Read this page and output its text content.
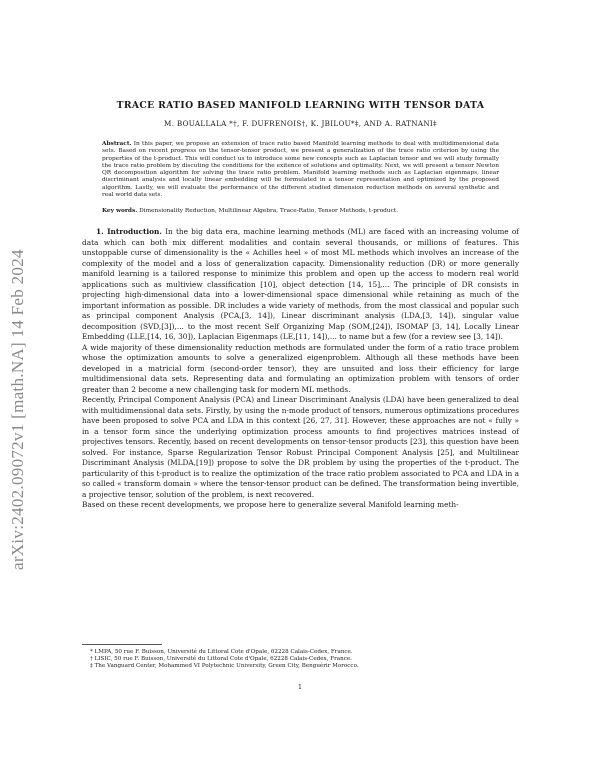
arXiv:2402.09072v1 [math.NA] 14 Feb 2024
TRACE RATIO BASED MANIFOLD LEARNING WITH TENSOR DATA
M. BOUALLALA *†, F. DUFRENOIS†, K. JBILOU*‡, AND A. RATNANI‡
Abstract. In this paper, we propose an extension of trace ratio based Manifold learning methods to deal with multidimensional data sets. Based on recent progress on the tensor-tensor product, we present a generalization of the trace ratio criterion by using the properties of the t-product. This will conduct us to introduce some new concepts such as Laplacian tensor and we will study formally the trace ratio problem by discuting the conditions for the exitence of solutions and optimality. Next, we will present a tensor Newton QR decomposition algorithm for solving the trace ratio problem. Manifold learning methods such as Laplacian eigenmaps, linear discriminant analysis and locally linear embedding will be formulated in a tensor representation and optimized by the proposed algorithm. Lastly, we will evaluate the performance of the different studied dimension reduction methods on several synthetic and real world data sets.
Key words. Dimensionality Reduction, Multilinear Algebra, Trace-Ratio, Tensor Methods, t-product.

1. Introduction. In the big data era, machine learning methods (ML) are faced with an increasing volume of data which can both mix different modalities and contain several thousands, or millions of features. This unstoppable curse of dimensionality is the « Achilles heel » of most ML methods which involves an increase of the complexity of the model and a loss of generalization capacity. Dimensionality reduction (DR) or more generally manifold learning is a tailored response to minimize this problem and open up the access to modern real world applications such as multiview classification [10], object detection [14, 15],... The principle of DR consists in projecting high-dimensional data into a lower-dimensional space dimensional while retaining as much of the important information as possible. DR includes a wide variety of methods, from the most classical and popular such as principal component Analysis (PCA,[3, 14]), Linear discriminant analysis (LDA,[3, 14]), singular value decomposition (SVD,[3]),... to the most recent Self Organizing Map (SOM,[24]), ISOMAP [3, 14], Locally Linear Embedding (LLE,[14, 16, 30]), Laplacian Eigenmaps (LE,[11, 14]),... to name but a few (for a review see [3, 14]).

A wide majority of these dimensionality reduction methods are formulated under the form of a ratio trace problem whose the optimization amounts to solve a generalized eigenproblem. Although all these methods have been developed in a matricial form (second-order tensor), they are unsuited and loss their efficiency for large multidimensional data sets. Representing data and formulating an optimization problem with tensors of order greater than 2 become a new challenging task for modern ML methods.

Recently, Principal Component Analysis (PCA) and Linear Discriminant Analysis (LDA) have been generalized to deal with multidimensional data sets. Firstly, by using the n-mode product of tensors, numerous optimizations procedures have been proposed to solve PCA and LDA in this context [26, 27, 31]. However, these approaches are not « fully » in a tensor form since the underlying optimization process amounts to find projectives matrices instead of projectives tensors. Recently, based on recent developments on tensor-tensor products [23], this question have been solved. For instance, Sparse Regularization Tensor Robust Principal Component Analysis [25], and Multilinear Discriminant Analysis (MLDA,[19]) propose to solve the DR problem by using the properties of the t-product. The particularity of this t-product is to realize the optimization of the trace ratio problem associated to PCA and LDA in a so called « transform domain » where the tensor-tensor product can be defined. The transformation being invertible, a projective tensor, solution of the problem, is next recovered.

Based on these recent developments, we propose here to generalize several Manifold learning meth-

* LMPA, 50 rue F. Buisson, Université du Littoral Cote d'Opale, 62228 Calais-Cedex, France.

† LISIC, 50 rue F. Buisson, Université du Littoral Cote d'Opale, 62228 Calais-Cedex, France.

‡ The Vanguard Center, Mohammed VI Polytechnic University, Green City, Benguérir Morocco.

1
